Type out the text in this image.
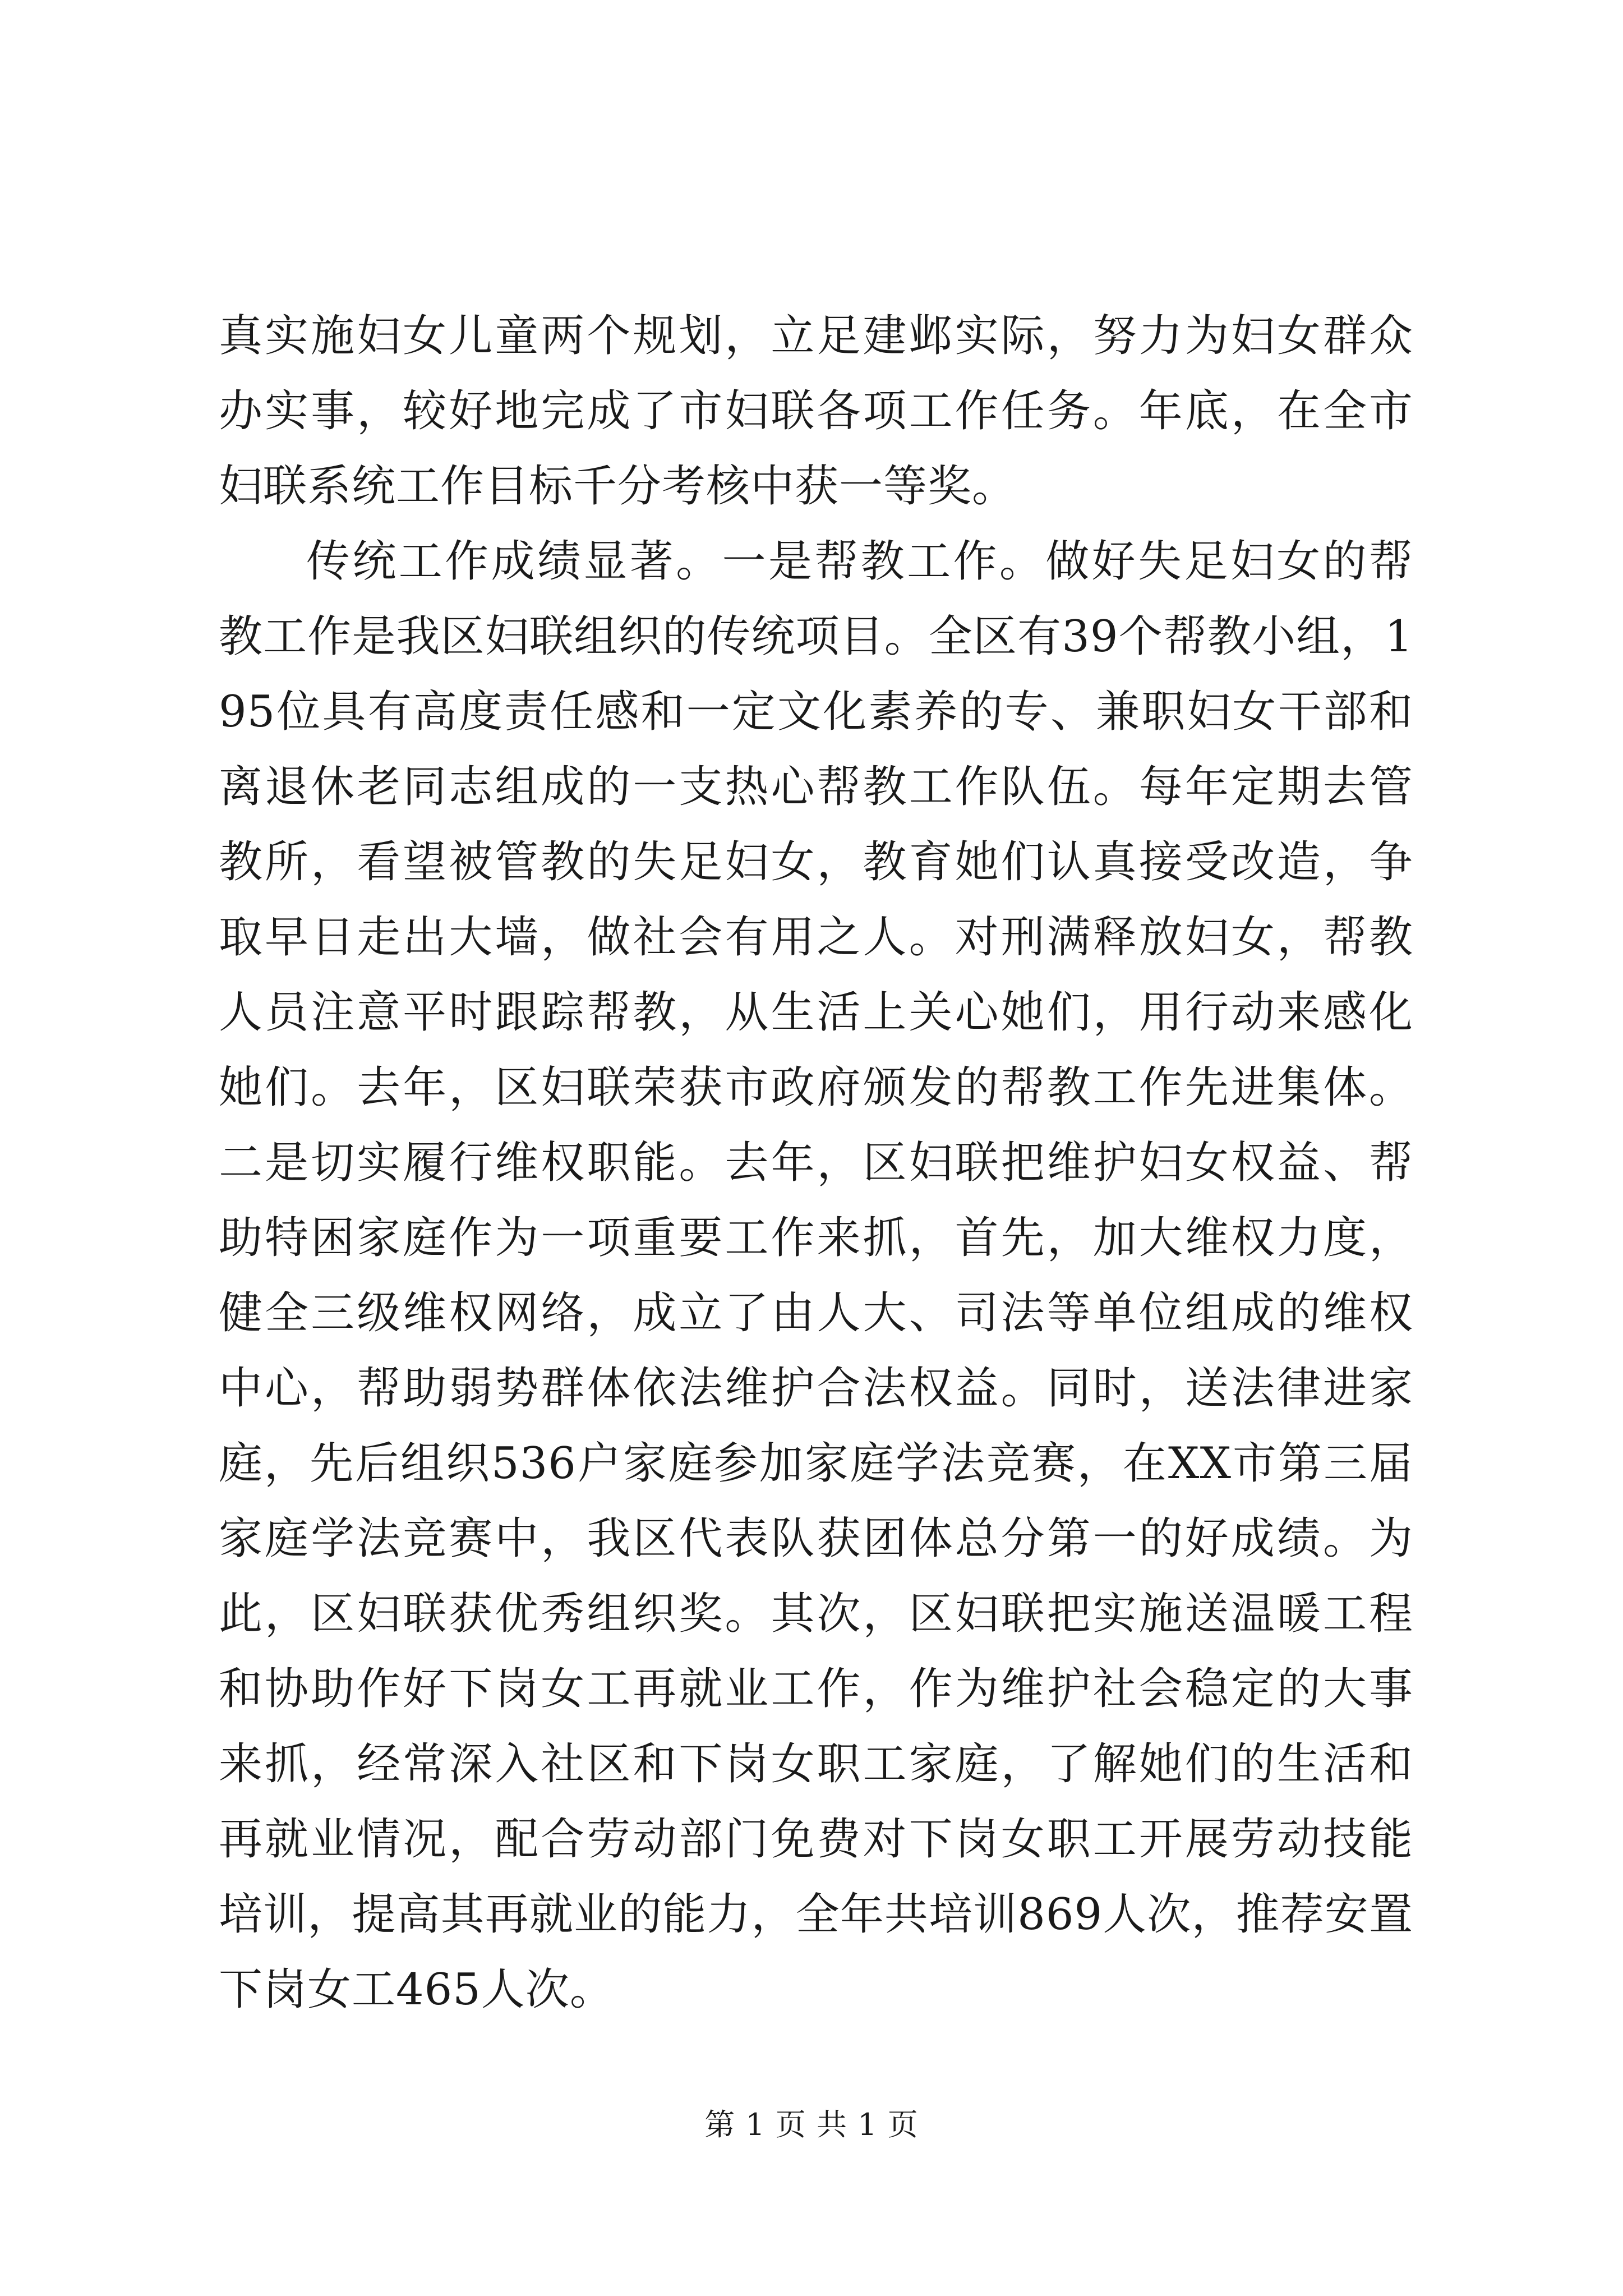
真实施妇女儿童两个规划，立足建邺实际，努力为妇女群众办实事，较好地完成了市妇联各项工作任务。年底，在全市妇联系统工作目标千分考核中获一等奖。

传统工作成绩显著。一是帮教工作。做好失足妇女的帮教工作是我区妇联组织的传统项目。全区有39个帮教小组，195位具有高度责任感和一定文化素养的专、兼职妇女干部和离退休老同志组成的一支热心帮教工作队伍。每年定期去管教所，看望被管教的失足妇女，教育她们认真接受改造，争取早日走出大墙，做社会有用之人。对刑满释放妇女，帮教人员注意平时跟踪帮教，从生活上关心她们，用行动来感化她们。去年，区妇联荣获市政府颁发的帮教工作先进集体。二是切实履行维权职能。去年，区妇联把维护妇女权益、帮助特困家庭作为一项重要工作来抓，首先，加大维权力度，健全三级维权网络，成立了由人大、司法等单位组成的维权中心，帮助弱势群体依法维护合法权益。同时，送法律进家庭，先后组织536户家庭参加家庭学法竞赛，在XX市第三届家庭学法竞赛中，我区代表队获团体总分第一的好成绩。为此，区妇联获优秀组织奖。其次，区妇联把实施送温暖工程和协助作好下岗女工再就业工作，作为维护社会稳定的大事来抓，经常深入社区和下岗女职工家庭，了解她们的生活和再就业情况，配合劳动部门免费对下岗女职工开展劳动技能培训，提高其再就业的能力，全年共培训869人次，推荐安置下岗女工465人次。

第 1 页 共 1 页
